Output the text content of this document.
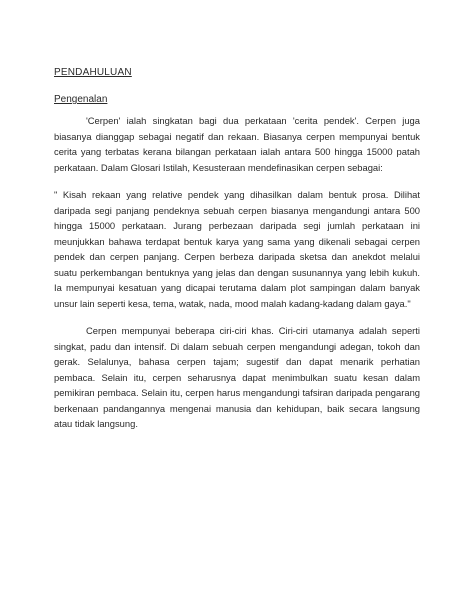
PENDAHULUAN
Pengenalan
'Cerpen' ialah singkatan bagi dua perkataan 'cerita pendek'. Cerpen juga
biasanya dianggap sebagai negatif dan rekaan. Biasanya cerpen mempunyai bentuk
cerita yang terbatas kerana bilangan perkataan ialah antara 500 hingga 15000 patah
perkataan. Dalam Glosari Istilah, Kesusteraan mendefinasikan cerpen sebagai:
" Kisah rekaan yang relative pendek yang dihasilkan dalam bentuk prosa. Dilihat
daripada segi panjang pendeknya sebuah cerpen biasanya mengandungi antara 500
hingga 15000 perkataan. Jurang perbezaan daripada segi jumlah perkataan ini
meunjukkan bahawa terdapat bentuk karya yang sama yang dikenali sebagai cerpen
pendek dan cerpen panjang. Cerpen berbeza daripada sketsa dan anekdot melalui
suatu perkembangan bentuknya yang jelas dan dengan susunannya yang lebih kukuh.
Ia mempunyai kesatuan yang dicapai terutama dalam plot sampingan dalam banyak
unsur lain seperti kesa, tema, watak, nada, mood malah kadang-kadang dalam gaya."
Cerpen mempunyai beberapa ciri-ciri khas. Ciri-ciri utamanya adalah seperti
singkat, padu dan intensif. Di dalam sebuah cerpen mengandungi adegan, tokoh dan
gerak. Selalunya, bahasa cerpen tajam; sugestif dan dapat menarik perhatian
pembaca. Selain itu, cerpen seharusnya dapat menimbulkan suatu kesan dalam
pemikiran pembaca. Selain itu, cerpen harus mengandungi tafsiran daripada pengarang
berkenaan pandangannya mengenai manusia dan kehidupan, baik secara langsung
atau tidak langsung.
